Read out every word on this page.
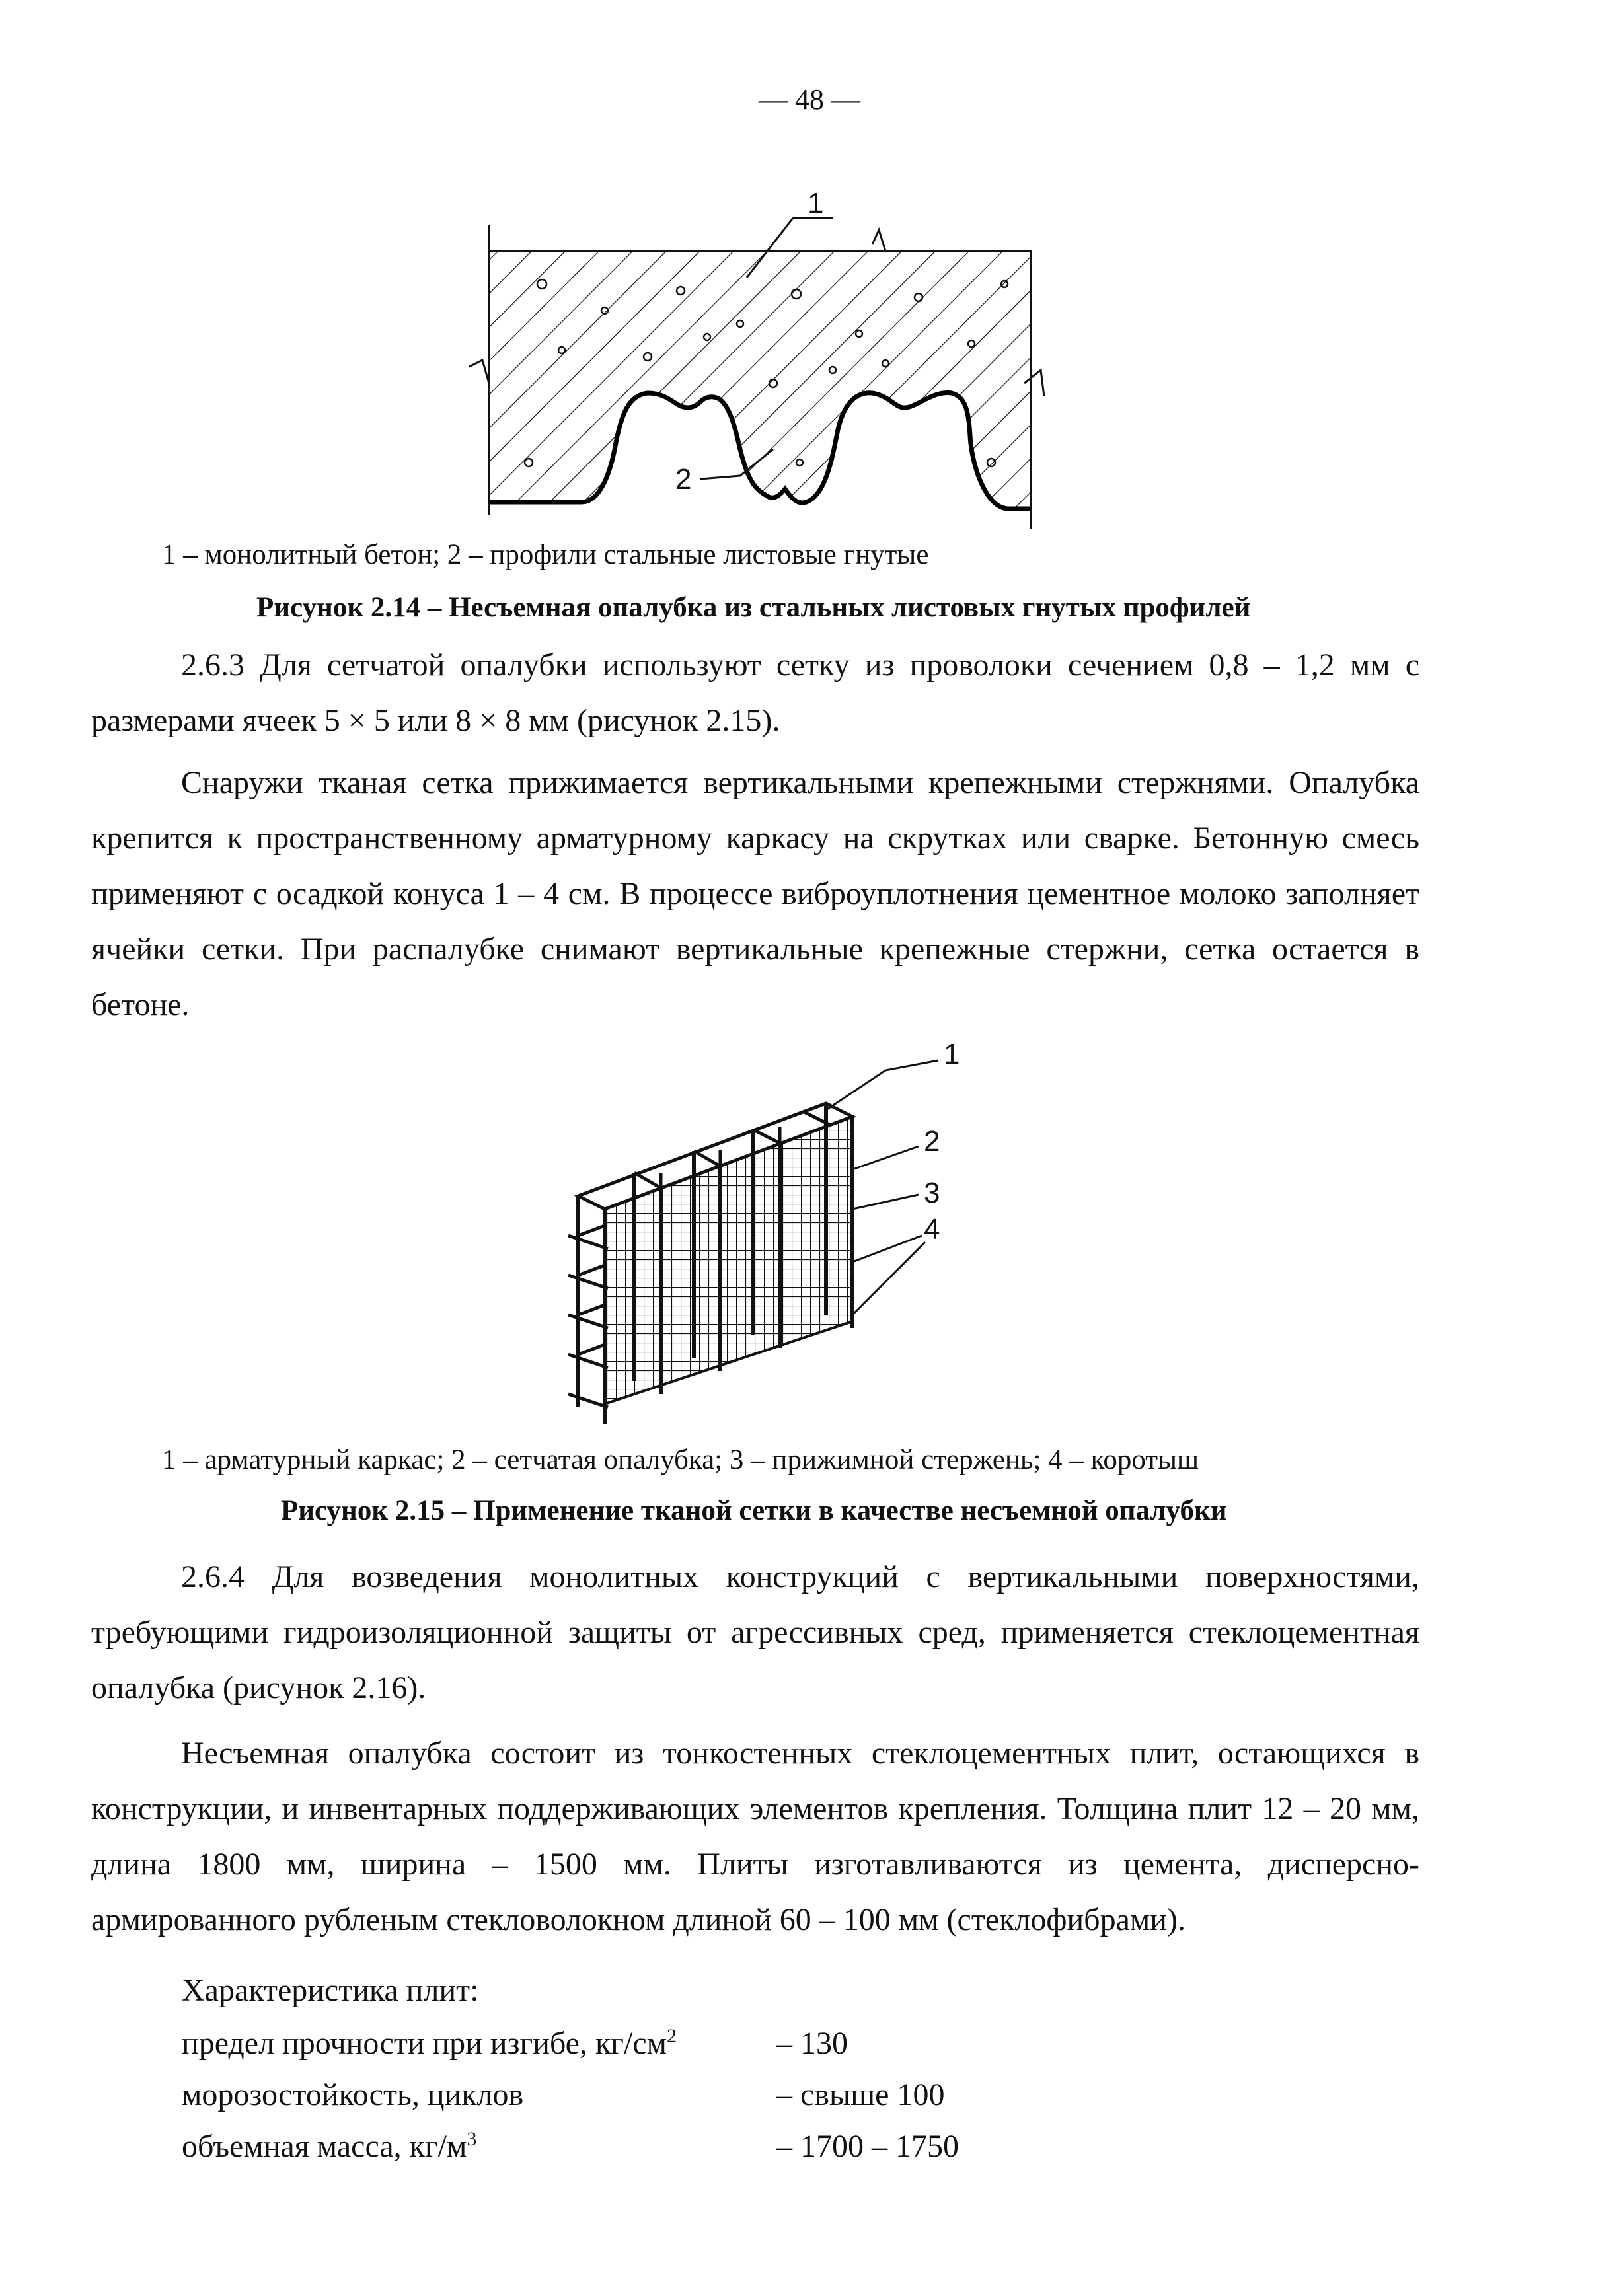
— 48 —
1
2
1 – монолитный бетон; 2 – профили стальные листовые гнутые
Рисунок 2.14 – Несъемная опалубка из стальных листовых гнутых профилей
2.6.3 Для сетчатой опалубки используют сетку из проволоки сечением 0,8 – 1,2 мм с размерами ячеек 5 × 5 или 8 × 8 мм (рисунок 2.15).
Снаружи тканая сетка прижимается вертикальными крепежными стержнями. Опалубка крепится к пространственному арматурному каркасу на скрутках или сварке. Бетонную смесь применяют с осадкой конуса 1 – 4 см. В процессе виброуплотнения цементное молоко заполняет ячейки сетки. При распалубке снимают вертикальные крепежные стержни, сетка остается в бетоне.
1
2
3
4
1 – арматурный каркас; 2 – сетчатая опалубка; 3 – прижимной стержень; 4 – коротыш
Рисунок 2.15 – Применение тканой сетки в качестве несъемной опалубки
2.6.4 Для возведения монолитных конструкций с вертикальными поверхностями, требующими гидроизоляционной защиты от агрессивных сред, применяется стеклоцементная опалубка (рисунок 2.16).
Несъемная опалубка состоит из тонкостенных стеклоцементных плит, остающихся в конструкции, и инвентарных поддерживающих элементов крепления. Толщина плит 12 – 20 мм, длина 1800 мм, ширина – 1500 мм. Плиты изготавливаются из цемента, дисперсно-армированного рубленым стекловолокном длиной 60 – 100 мм (стеклофибрами).
Характеристика плит:
предел прочности при изгибе, $кг/см^2$	– 130
морозостойкость, циклов	– свыше 100
объемная масса, $кг/м^3$	– 1700 – 1750
